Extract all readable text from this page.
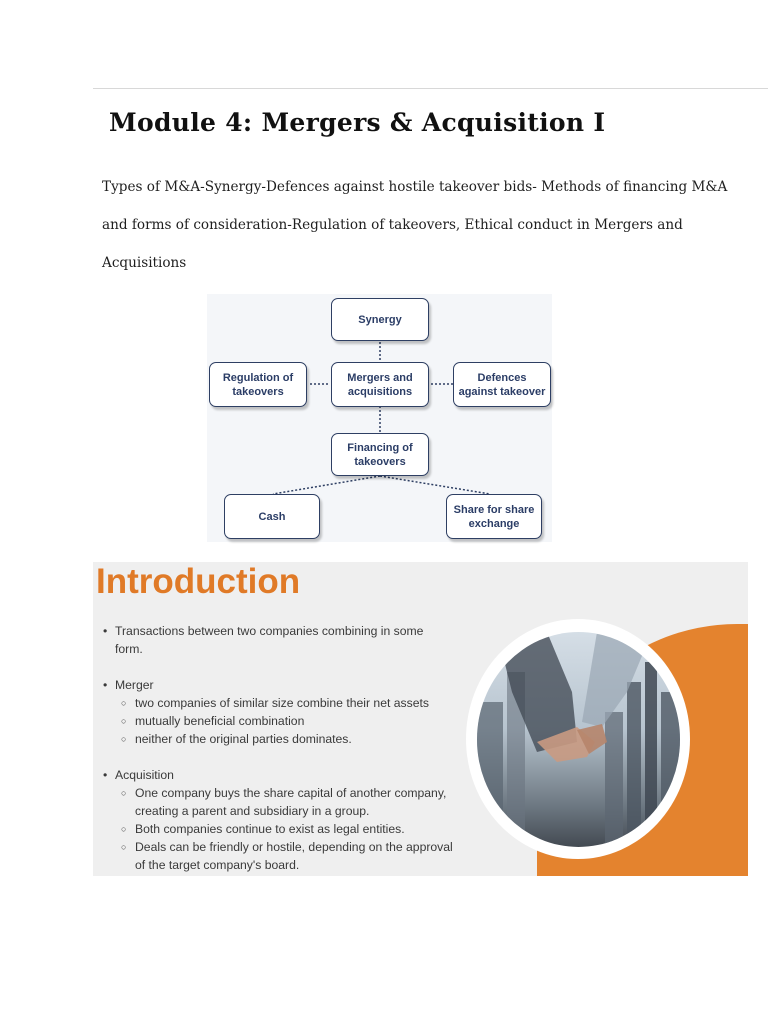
Module 4: Mergers & Acquisition I

Types of M&A-Synergy-Defences against hostile takeover bids- Methods of financing M&A and forms of consideration-Regulation of takeovers, Ethical conduct in Mergers and Acquisitions

Synergy
Mergers and
acquisitions
Regulation of
takeovers
Defences
against takeover
Financing of
takeovers
Cash
Share for share
exchange
Introduction
• Transactions between two companies combining in some form.
• Merger
○ two companies of similar size combine their net assets
○ mutually beneficial combination
○ neither of the original parties dominates.
• Acquisition
○ One company buys the share capital of another company, creating a parent and subsidiary in a group.
○ Both companies continue to exist as legal entities.
○ Deals can be friendly or hostile, depending on the approval of the target company's board.
